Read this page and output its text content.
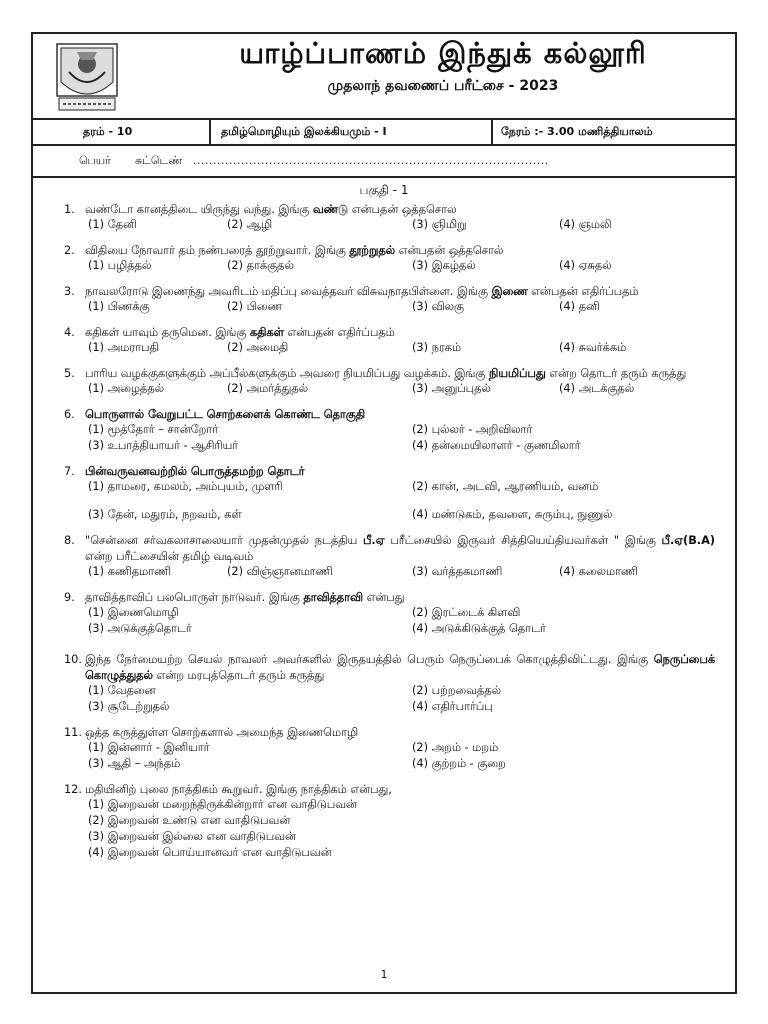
யாழ்ப்பாணம் இந்துக் கல்லூரி
முதலாந் தவணைப் பரீட்சை - 2023
தரம் - 10	தமிழ்மொழியும் இலக்கியமும் - I	நேரம் :- 3.00 மணித்தியாலம்
பெயர் சுட்டெண் .........................................................................................
பகுதி - 1
1. வண்டோ கானத்திடை யிருந்து வந்து. இங்கு வண்டு என்பதன் ஒத்தசொல
(1) தேனி	(2) ஆழி	(3) ஞிமிறு	(4) ஞமலி
2. விதியை நோவார் தம் நண்பரைத் தூற்றுவார். இங்கு தூற்றுதல் என்பதன் ஒத்தசொல்
(1) பழித்தல்	(2) தாக்குதல்	(3) இகழ்தல்	(4) ஏசுதல்
3. நாவலரோடு இணைந்து அவரிடம் மதிப்பு வைத்தவர் விசுவநாதபிள்ளை. இங்கு இணை என்பதன் எதிர்ப்பதம்
(1) பிணக்கு	(2) பிணை	(3) விலகு	(4) தனி
4. கதிகள் யாவும் தருமென. இங்கு கதிகள் என்பதன் எதிர்ப்பதம்
(1) அமராபதி	(2) அமைதி	(3) நரகம்	(4) சுவர்க்கம்
5. பாரிய வழக்குகளுக்கும் அப்பீல்களுக்கும் அவரை நியமிப்பது வழக்கம். இங்கு நியமிப்பது என்ற தொடர் தரும் கருத்து
(1) அழைத்தல்	(2) அமர்த்துதல்	(3) அனுப்புதல்	(4) அடக்குதல்
6. பொருளால் வேறுபட்ட சொற்களைக் கொண்ட தொகுதி
(1) மூத்தோர் – சான்றோர்	(2) புல்லர் - அறிவிலார்
(3) உபாத்தியாயர் - ஆசிரியர்	(4) தன்மையிலாளர் - குணமிலார்
7. பின்வருவனவற்றில் பொருத்தமற்ற தொடர்
(1) தாமரை, கமலம், அம்புயம், முளரி	(2) கான், அடவி, ஆரணியம், வனம்
(3) தேன், மதுரம், நறவம், கள்	(4) மண்டுகம், தவளை, சுரும்பு, நுணுல்
8. "சென்னை சர்வகலாசாலையார் முதன்முதல் நடத்திய பீ.ஏ பரீட்சையில் இருவர் சித்தியெய்தியவர்கள் " இங்கு பீ.ஏ(B.A) என்ற பரீட்சையின் தமிழ் வடிவம்
(1) கணிதமாணி	(2) விஞ்ஞானமாணி	(3) வர்த்தகமாணி	(4) கலைமாணி
9. தாவித்தாவிப் பலபொருள் நாடுவர். இங்கு தாவித்தாவி என்பது
(1) இணைமொழி	(2) இரட்டைக் கிளவி
(3) அடுக்குத்தொடர்	(4) அடுக்கிடுக்குத் தொடர்
10. இந்த நேர்மையற்ற செயல் நாவலர் அவர்களில் இருதயத்தில் பெரும் நெருப்பைக் கொழுத்திவிட்டது. இங்கு நெருப்பைக் கொழுத்துதல் என்ற மரபுத்தொடர் தரும் கருத்து
(1) வேதனை	(2) பற்றவைத்தல்
(3) சூடேற்றுதல்	(4) எதிர்பார்ப்பு
11. ஒத்த கருத்துள்ள சொற்களால் அமைந்த இணைமொழி
(1) இன்னார் - இனியார்	(2) அறம் - மறம்
(3) ஆதி – அந்தம்	(4) குற்றம் - குறை
12. மதியினிற் புலை நாத்திகம் கூறுவர். இங்கு நாத்திகம் என்பது,
(1) இறைவன் மறைந்திருக்கின்றார் என வாதிடுபவன்
(2) இறைவன் உண்டு என வாதிடுபவன்
(3) இறைவன் இல்லை என வாதிடுபவன்
(4) இறைவன் பொய்யானவர் என வாதிடுபவன்
1
